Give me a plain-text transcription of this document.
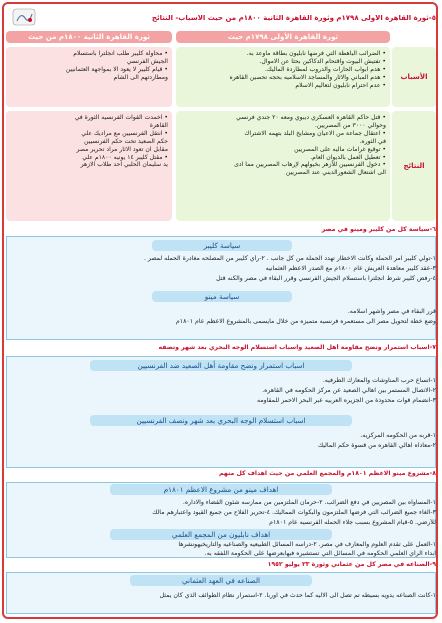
٥-ثورة القاهرة الاولى ١٧٩٨م وثورة القاهرة الثانية ١٨٠٠م من حيث الاسباب- النتائج
ثورة القاهرة الأولى ١٧٩٨م حيث
ثورة القاهرة الثانية ١٨٠٠م من حيث
الأسباب
• الضرائب الباهظة التي فرضها نابليون بطاقة ماوعد به.
• تفتيش البيوت واقتحام الدكاكين بحثا عن الاموال.
• هدم ابواب الحارات والدروب لمطاردة الماليك.
• هدم المباني والاثار والمساجد الاسلاميه بحجه تحصين القاهره
• عدم احترام نابليون لتعاليم الاسلام
• محاولة كليبر طلب انجلترا باستسلام
الجيش الفرنسي
• قيام كليبر لا يعود الا بمواجهة العثمانيين
ومطاردتهم الى الشام
النتائج
• قتل حاكم القاهره العسكري ديبوي ومعه ٢٠ جندي فرنسي
وحوالي ٣٠٠٠ من المصريين.
• اعتقال جماعة من الاعيان ومشايخ البلد بتهمه الاشتراك
في الثوره.
• توقيع غرامات ماليه على المصريين
• تعطيل العمل بالديوان العام.
• دخول الفرنسيين للأزهر بخيولهم لإرهاب المصريين مما ادى
الى اشتعال الشعورالديني عند المصريين
• اخمدت القوات الفرنسيه الثورة في
القاهرة
• انتقل الفرنسيين مع مراديك علي
حكم الصعيد تحت حكم الفرنسيين
مقابل ان تعود الاثار مراد تحرير مصر
• مقتل كليبر ١٤ يونيه ١٨٠٠م علي
يد سليمان الحلبي احد طلاب الازهر
٦-سياسة كل من كليبر ومينو في مصر
سياسة كليبر
١-تولي كليبر امر الحملة وكانت الاخطار تهدد الحملة من كل جانب . ٢-رأي كليبر من المصلحه مغادرة الحمله لمصر .
٣-عقد كليبر معاهدة العريش عام ١٨٠٠م مع الصدر الاعظم العثمانيه
٤-رفض كليبر شرط انجلترا باستسلام الجيش الفرنسي وقرر البقاء في مصر والكنه قتل
سياسة مينو
قرر البقاء في مصر واشهر اسلامه.
وضع خطة لتحويل مصر الى مستعمره فرنسيه متميزه من خلال مايسمى بالمشروع الاعظم عام ١٨٠١م
٧-اسباب استمرار ونضح مقاومة أهل الصعيد واسباب استسلام الوجه البحري بعد شهر وتصفه
اسباب استمرار ونضح مقاومة أهل الصعيد ضد الفرنسيين
١-اتساع حرب المناوشات والمعارك الطرفيه.
٢-الاتصال المستمر بين اهالي الصعيد عن مركز الحكومه في القاهره.
٣-انضمام قوات محدودة من الجزيره العربيه عبر البحر الاحمر للمقاومه
اسباب استسلام الوجه البحري بعد شهر ونصف الفرنسيين
١-قربه من الحكومه المركزيه.
٢-معاداه اهالي القاهره من قسوة حكم الماليك
٨-مشروع مينو الاعظم ١٨٠١م والمجمع العلمي من حيث اهداف كل منهم
اهداف مينو من مشروع الاعظم ١٨٠١م
١-المساواه بين المصريين في دفع الضرائب. ٢-حرمان الملتزمين من ممارسه شئون القضاء والاداره.
٣-الغاء جميع الضرائب التي فرضها الملتزمون والبكوات المماليك. ٤-تحرير الفلاح من جميع القيود واعتبارهم مالك
للأرضي. ٥-قيام المشروع بسبب جلاء الحمله الفرنسيه عام ١٨٠١م
اهداف نابليون من المجمع العلمي
١-العمل على تقدم العلوم والمعارف في مصر. ٢-دراسه المسائل الطبيعيه والصناعيه والتاريخيهونشرها
ابداء الرأي العلمي الحكومه في المسائل التي تستشيره فيهابعرضها على الحكومة اللفقه به.
٩-الصناعه في مصر كل من عثماني وثورة ٢٣ يوليو ١٩٥٢
الصناعه في العهد العثماني
١-كانت الصناعه يدويه بسيطه تم تصل الى الاليه كما حدث في اوربا. ٢-استمرار نظام الطوائف الذي كان يمثل
